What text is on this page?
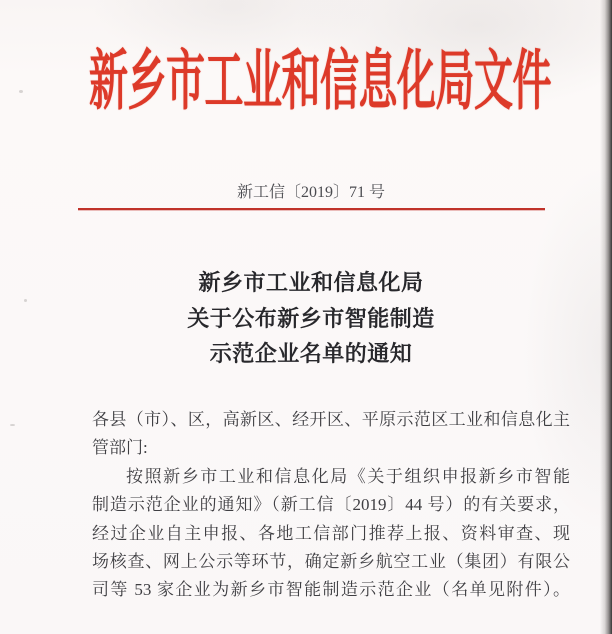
新乡市工业和信息化局文件
新工信〔2019〕71 号
新乡市工业和信息化局
关于公布新乡市智能制造
示范企业名单的通知
各县（市）、区，高新区、经开区、平原示范区工业和信息化主
管部门:
按照新乡市工业和信息化局《关于组织申报新乡市智能
制造示范企业的通知》（新工信〔2019〕44 号）的有关要求，
经过企业自主申报、各地工信部门推荐上报、资料审查、现
场核查、网上公示等环节，确定新乡航空工业（集团）有限公
司等 53 家企业为新乡市智能制造示范企业（名单见附件）。
